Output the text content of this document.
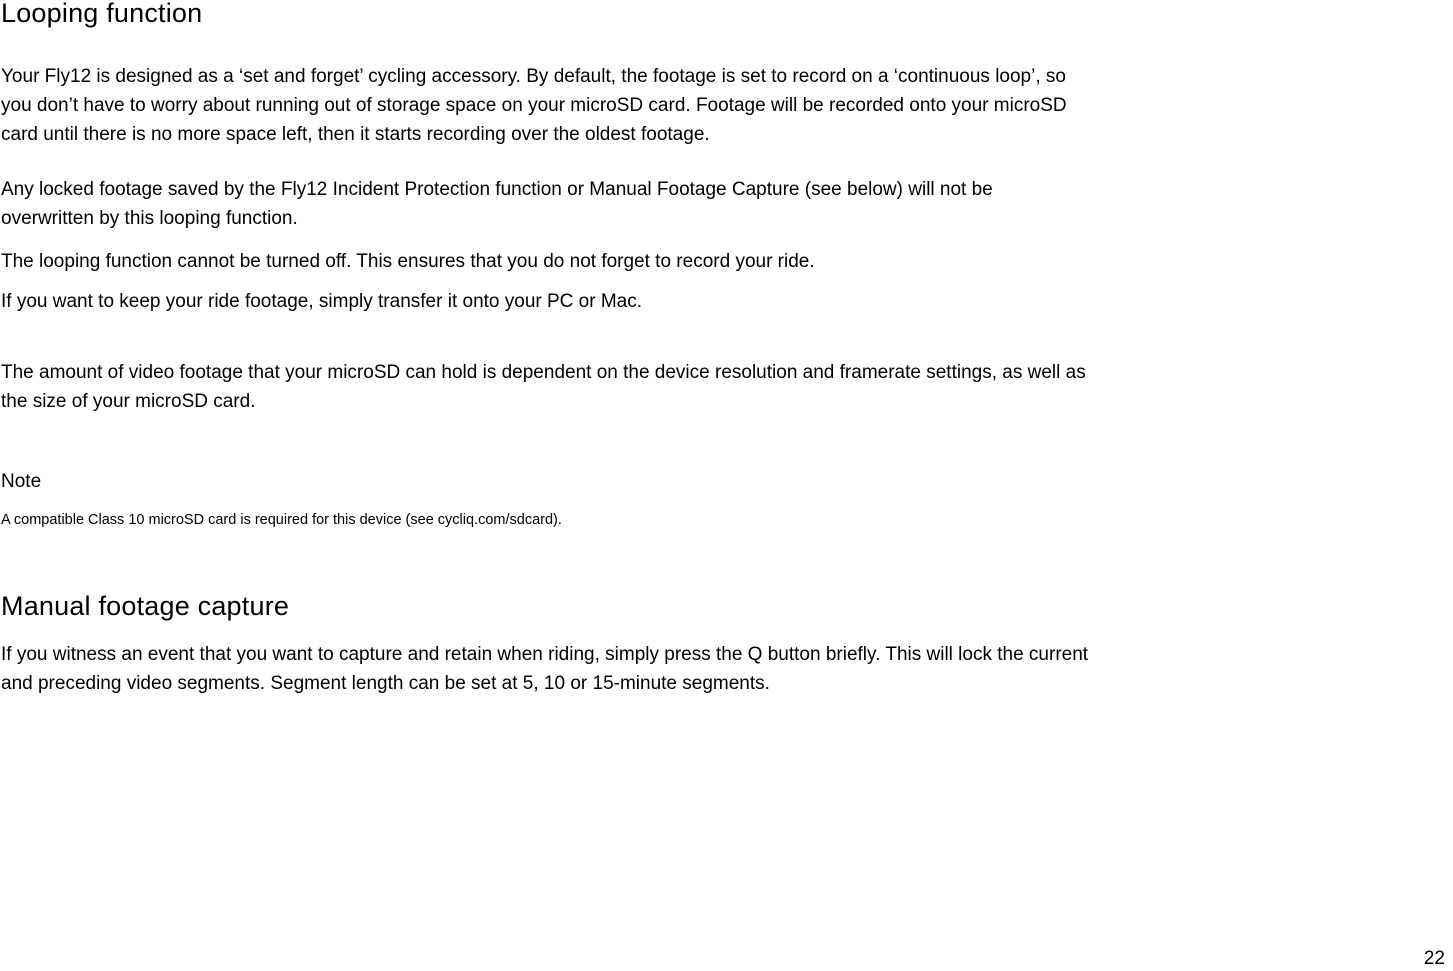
Looping function

Your Fly12 is designed as a ‘set and forget’ cycling accessory. By default, the footage is set to record on a ‘continuous loop’, so
you don’t have to worry about running out of storage space on your microSD card. Footage will be recorded onto your microSD
card until there is no more space left, then it starts recording over the oldest footage.

Any locked footage saved by the Fly12 Incident Protection function or Manual Footage Capture (see below) will not be
overwritten by this looping function.

The looping function cannot be turned off. This ensures that you do not forget to record your ride.

If you want to keep your ride footage, simply transfer it onto your PC or Mac.

The amount of video footage that your microSD can hold is dependent on the device resolution and framerate settings, as well as
the size of your microSD card.

Note

A compatible Class 10 microSD card is required for this device (see cycliq.com/sdcard).

Manual footage capture

If you witness an event that you want to capture and retain when riding, simply press the Q button briefly. This will lock the current
and preceding video segments. Segment length can be set at 5, 10 or 15-minute segments.

22
